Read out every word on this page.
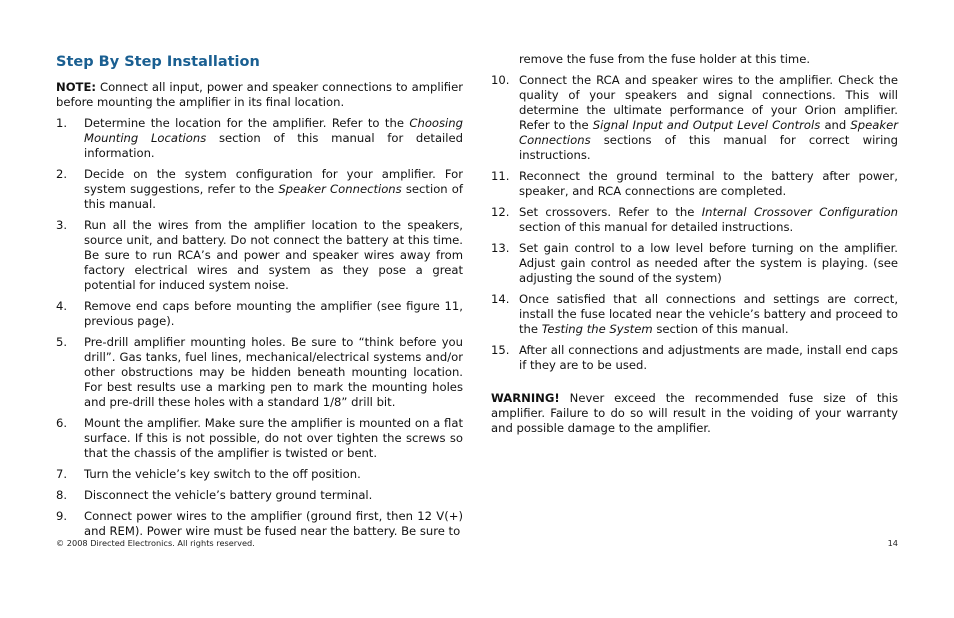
Step By Step Installation

NOTE: Connect all input, power and speaker connections to amplifier before mounting the amplifier in its final location.

1. Determine the location for the amplifier. Refer to the Choosing Mounting Locations section of this manual for detailed information.
2. Decide on the system configuration for your amplifier. For system suggestions, refer to the Speaker Connections section of this manual.
3. Run all the wires from the amplifier location to the speakers, source unit, and battery. Do not connect the battery at this time. Be sure to run RCA’s and power and speaker wires away from factory electrical wires and system as they pose a great potential for induced system noise.
4. Remove end caps before mounting the amplifier (see figure 11, previous page).
5. Pre-drill amplifier mounting holes. Be sure to “think before you drill”. Gas tanks, fuel lines, mechanical/electrical systems and/or other obstructions may be hidden beneath mounting location. For best results use a marking pen to mark the mounting holes and pre-drill these holes with a standard 1/8” drill bit.
6. Mount the amplifier. Make sure the amplifier is mounted on a flat surface. If this is not possible, do not over tighten the screws so that the chassis of the amplifier is twisted or bent.
7. Turn the vehicle’s key switch to the off position.
8. Disconnect the vehicle’s battery ground terminal.
9. Connect power wires to the amplifier (ground first, then 12 V(+) and REM). Power wire must be fused near the battery. Be sure to
remove the fuse from the fuse holder at this time.
10. Connect the RCA and speaker wires to the amplifier. Check the quality of your speakers and signal connections. This will determine the ultimate performance of your Orion amplifier. Refer to the Signal Input and Output Level Controls and Speaker Connections sections of this manual for correct wiring instructions.
11. Reconnect the ground terminal to the battery after power, speaker, and RCA connections are completed.
12. Set crossovers. Refer to the Internal Crossover Configuration section of this manual for detailed instructions.
13. Set gain control to a low level before turning on the amplifier. Adjust gain control as needed after the system is playing. (see adjusting the sound of the system)
14. Once satisfied that all connections and settings are correct, install the fuse located near the vehicle’s battery and proceed to the Testing the System section of this manual.
15. After all connections and adjustments are made, install end caps if they are to be used.

WARNING! Never exceed the recommended fuse size of this amplifier. Failure to do so will result in the voiding of your warranty and possible damage to the amplifier.

© 2008 Directed Electronics. All rights reserved.	14
